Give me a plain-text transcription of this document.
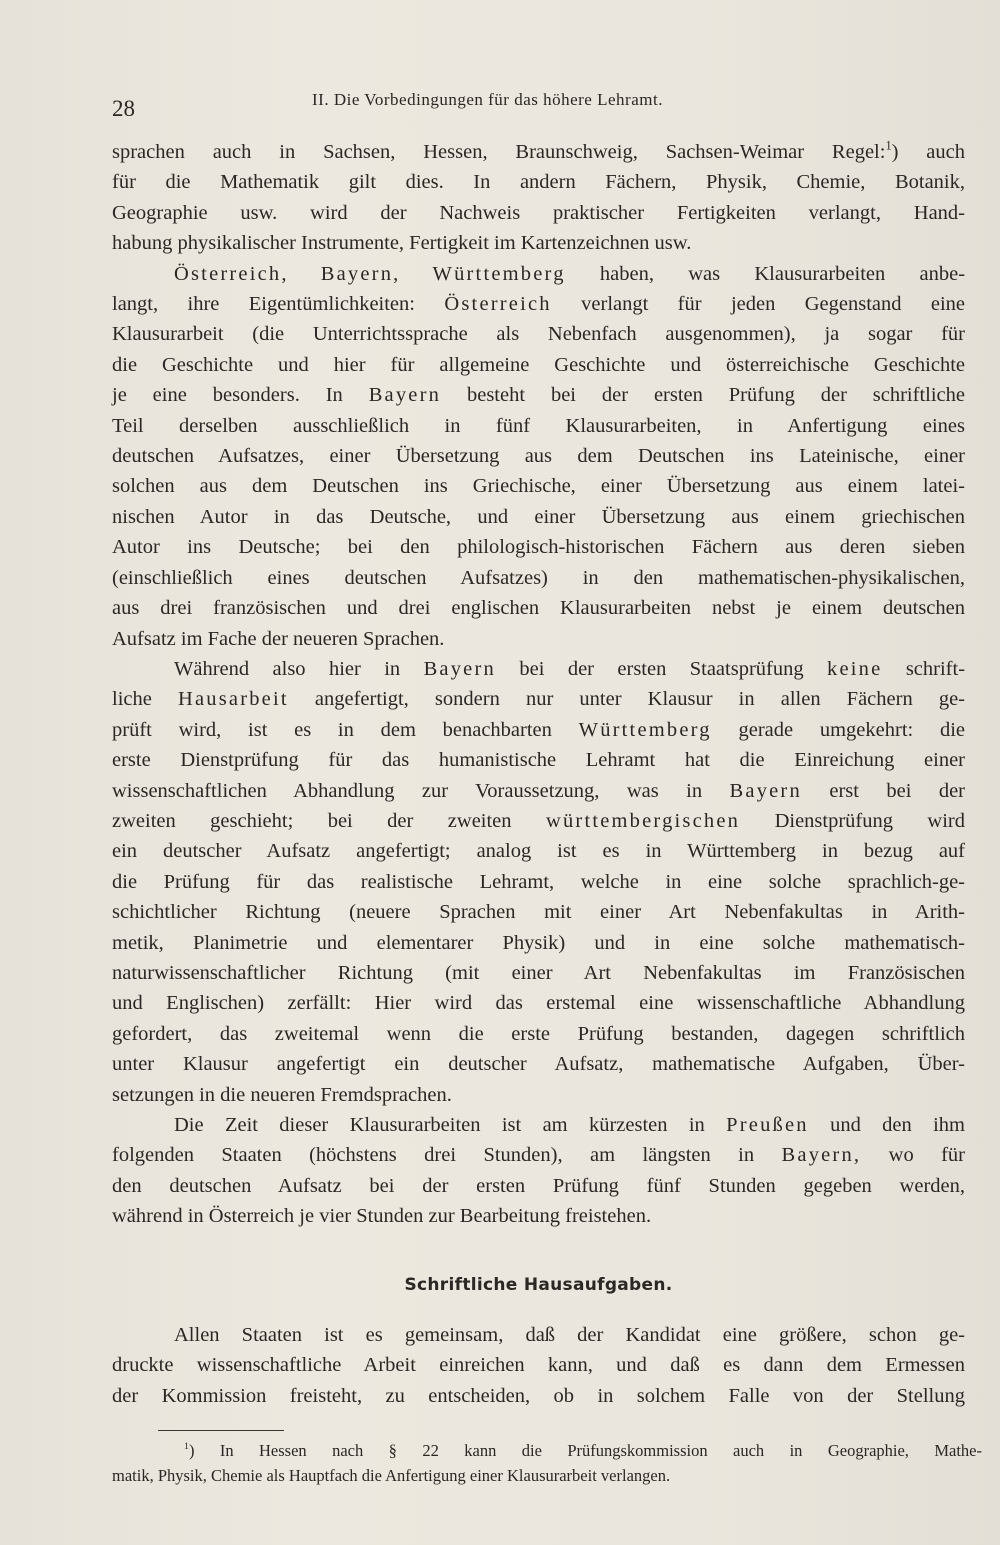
28	II. Die Vorbedingungen für das höhere Lehramt.
sprachen auch in Sachsen, Hessen, Braunschweig, Sachsen-Weimar Regel:$^1$) auch
für die Mathematik gilt dies. In andern Fächern, Physik, Chemie, Botanik,
Geographie usw. wird der Nachweis praktischer Fertigkeiten verlangt, Hand-
habung physikalischer Instrumente, Fertigkeit im Kartenzeichnen usw.
Österreich, Bayern, Württemberg haben, was Klausurarbeiten anbe-
langt, ihre Eigentümlichkeiten: Österreich verlangt für jeden Gegenstand eine
Klausurarbeit (die Unterrichtssprache als Nebenfach ausgenommen), ja sogar für
die Geschichte und hier für allgemeine Geschichte und österreichische Geschichte
je eine besonders. In Bayern besteht bei der ersten Prüfung der schriftliche
Teil derselben ausschließlich in fünf Klausurarbeiten, in Anfertigung eines
deutschen Aufsatzes, einer Übersetzung aus dem Deutschen ins Lateinische, einer
solchen aus dem Deutschen ins Griechische, einer Übersetzung aus einem latei-
nischen Autor in das Deutsche, und einer Übersetzung aus einem griechischen
Autor ins Deutsche; bei den philologisch-historischen Fächern aus deren sieben
(einschließlich eines deutschen Aufsatzes) in den mathematischen-physikalischen,
aus drei französischen und drei englischen Klausurarbeiten nebst je einem deutschen
Aufsatz im Fache der neueren Sprachen.
Während also hier in Bayern bei der ersten Staatsprüfung keine schrift-
liche Hausarbeit angefertigt, sondern nur unter Klausur in allen Fächern ge-
prüft wird, ist es in dem benachbarten Württemberg gerade umgekehrt: die
erste Dienstprüfung für das humanistische Lehramt hat die Einreichung einer
wissenschaftlichen Abhandlung zur Voraussetzung, was in Bayern erst bei der
zweiten geschieht; bei der zweiten württembergischen Dienstprüfung wird
ein deutscher Aufsatz angefertigt; analog ist es in Württemberg in bezug auf
die Prüfung für das realistische Lehramt, welche in eine solche sprachlich-ge-
schichtlicher Richtung (neuere Sprachen mit einer Art Nebenfakultas in Arith-
metik, Planimetrie und elementarer Physik) und in eine solche mathematisch-
naturwissenschaftlicher Richtung (mit einer Art Nebenfakultas im Französischen
und Englischen) zerfällt: Hier wird das erstemal eine wissenschaftliche Abhandlung
gefordert, das zweitemal wenn die erste Prüfung bestanden, dagegen schriftlich
unter Klausur angefertigt ein deutscher Aufsatz, mathematische Aufgaben, Über-
setzungen in die neueren Fremdsprachen.
Die Zeit dieser Klausurarbeiten ist am kürzesten in Preußen und den ihm
folgenden Staaten (höchstens drei Stunden), am längsten in Bayern, wo für
den deutschen Aufsatz bei der ersten Prüfung fünf Stunden gegeben werden,
während in Österreich je vier Stunden zur Bearbeitung freistehen.
Schriftliche Hausaufgaben.
Allen Staaten ist es gemeinsam, daß der Kandidat eine größere, schon ge-
druckte wissenschaftliche Arbeit einreichen kann, und daß es dann dem Ermessen
der Kommission freisteht, zu entscheiden, ob in solchem Falle von der Stellung
$^1$) In Hessen nach § 22 kann die Prüfungskommission auch in Geographie, Mathe-
matik, Physik, Chemie als Hauptfach die Anfertigung einer Klausurarbeit verlangen.
